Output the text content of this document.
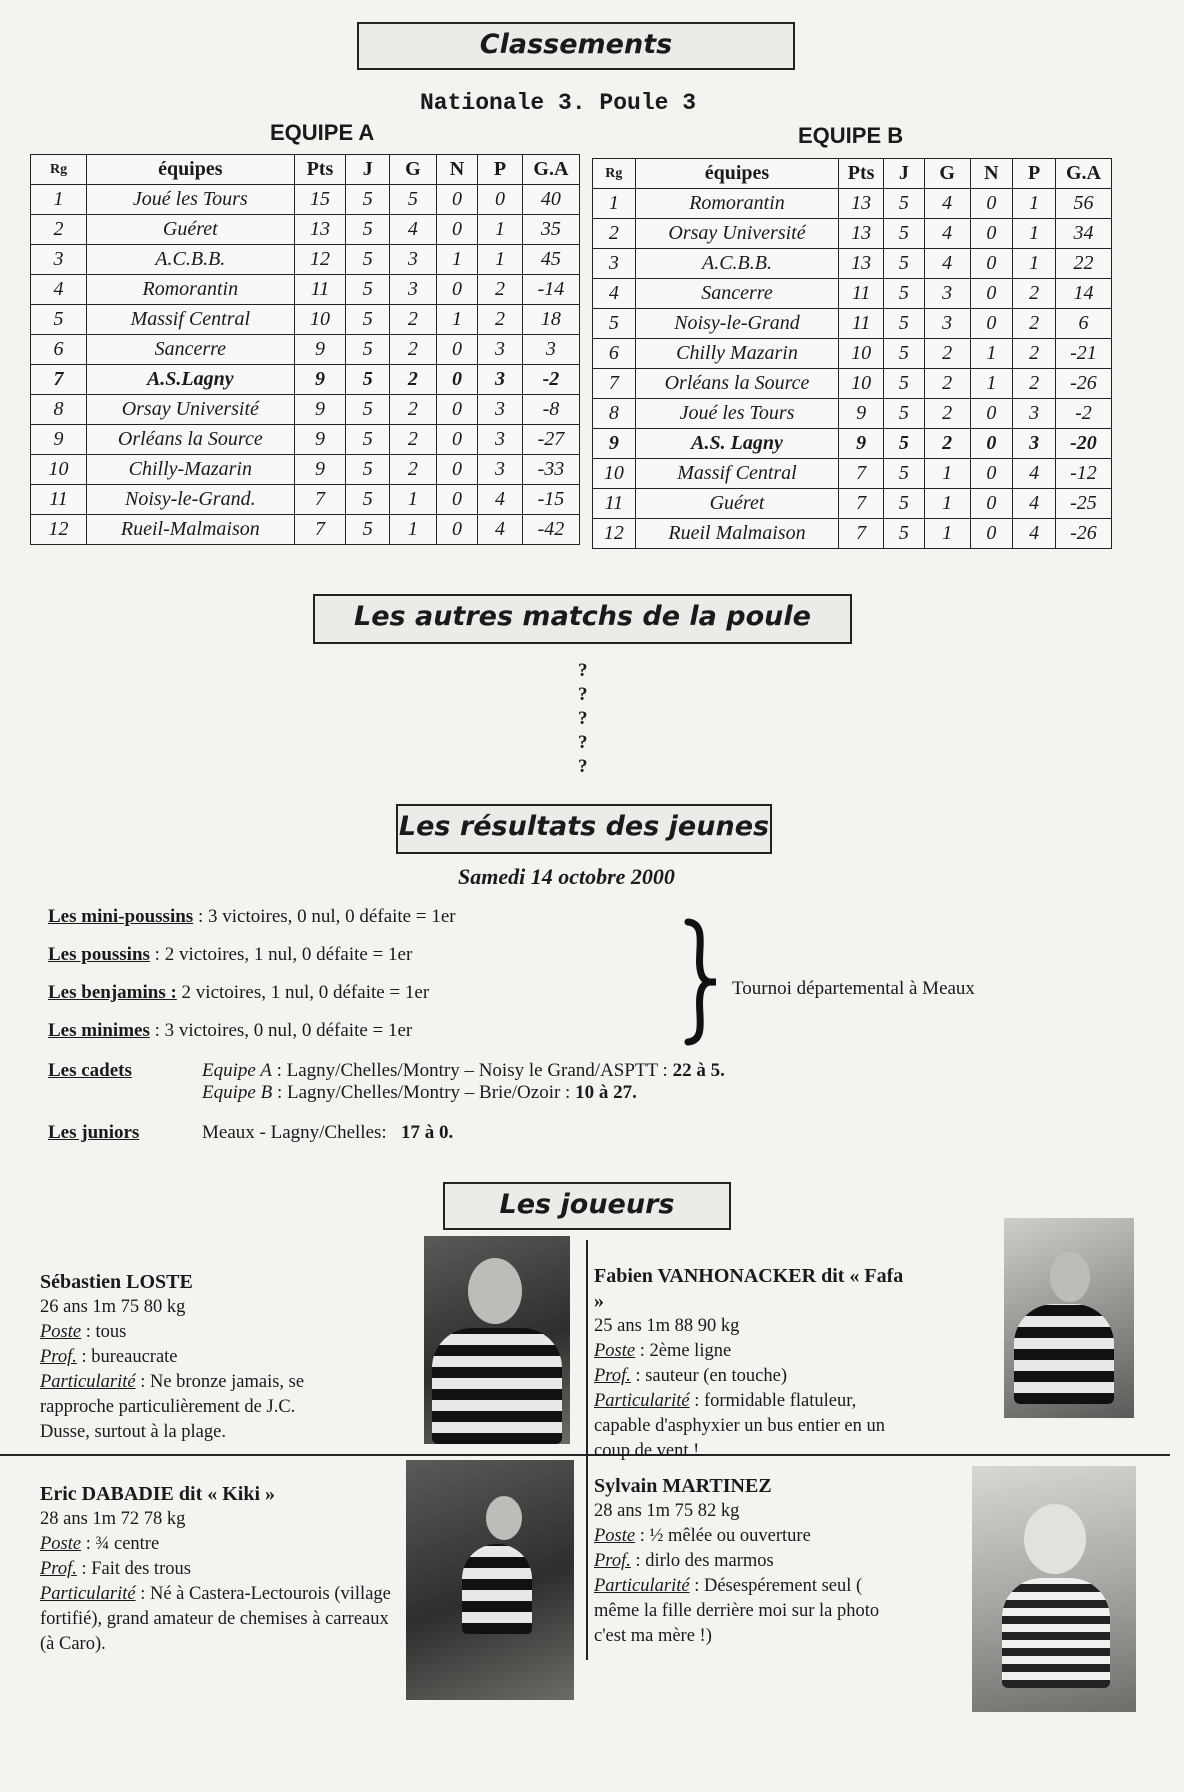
Classements
Nationale 3. Poule 3
EQUIPE A	EQUIPE B
Rg	équipes	Pts	J	G	N	P	G.A
1	Joué les Tours	15	5	5	0	0	40
2	Guéret	13	5	4	0	1	35
3	A.C.B.B.	12	5	3	1	1	45
4	Romorantin	11	5	3	0	2	-14
5	Massif Central	10	5	2	1	2	18
6	Sancerre	9	5	2	0	3	3
7	A.S.Lagny	9	5	2	0	3	-2
8	Orsay Université	9	5	2	0	3	-8
9	Orléans la Source	9	5	2	0	3	-27
10	Chilly-Mazarin	9	5	2	0	3	-33
11	Noisy-le-Grand.	7	5	1	0	4	-15
12	Rueil-Malmaison	7	5	1	0	4	-42
Rg	équipes	Pts	J	G	N	P	G.A
1	Romorantin	13	5	4	0	1	56
2	Orsay Université	13	5	4	0	1	34
3	A.C.B.B.	13	5	4	0	1	22
4	Sancerre	11	5	3	0	2	14
5	Noisy-le-Grand	11	5	3	0	2	6
6	Chilly Mazarin	10	5	2	1	2	-21
7	Orléans la Source	10	5	2	1	2	-26
8	Joué les Tours	9	5	2	0	3	-2
9	A.S. Lagny	9	5	2	0	3	-20
10	Massif Central	7	5	1	0	4	-12
11	Guéret	7	5	1	0	4	-25
12	Rueil Malmaison	7	5	1	0	4	-26
Les autres matchs de la poule
?
?
?
?
?
Les résultats des jeunes
Samedi 14 octobre 2000
Les mini-poussins : 3 victoires, 0 nul, 0 défaite = 1er
Les poussins : 2 victoires, 1 nul, 0 défaite = 1er
Les benjamins : 2 victoires, 1 nul, 0 défaite = 1er
Les minimes : 3 victoires, 0 nul, 0 défaite = 1er
Tournoi départemental à Meaux
Les cadets	Equipe A : Lagny/Chelles/Montry – Noisy le Grand/ASPTT : 22 à 5.
Equipe B : Lagny/Chelles/Montry – Brie/Ozoir : 10 à 27.
Les juniors	Meaux - Lagny/Chelles: 17 à 0.
Les joueurs
Sébastien LOSTE
26 ans 1m 75 80 kg
Poste : tous
Prof. : bureaucrate
Particularité : Ne bronze jamais, se rapproche particulièrement de J.C. Dusse, surtout à la plage.
Fabien VANHONACKER dit « Fafa »
25 ans 1m 88 90 kg
Poste : 2ème ligne
Prof. : sauteur (en touche)
Particularité : formidable flatuleur, capable d'asphyxier un bus entier en un coup de vent !
Eric DABADIE dit « Kiki »
28 ans 1m 72 78 kg
Poste : ¾ centre
Prof. : Fait des trous
Particularité : Né à Castera-Lectourois (village fortifié), grand amateur de chemises à carreaux (à Caro).
Sylvain MARTINEZ
28 ans 1m 75 82 kg
Poste : ½ mêlée ou ouverture
Prof. : dirlo des marmos
Particularité : Désespérement seul ( même la fille derrière moi sur la photo c'est ma mère !)
